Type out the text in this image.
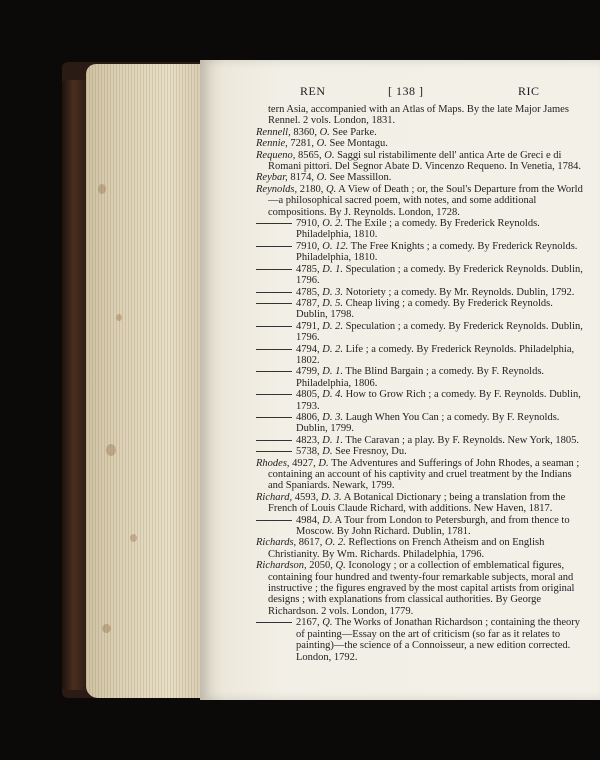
REN	[ 138 ]	RIC

tern Asia, accompanied with an Atlas of Maps. By the late Major James Rennel. 2 vols. London, 1831.

Rennell, 8360, O. See Parke.

Rennie, 7281, O. See Montagu.

Requeno, 8565, O. Saggi sul ristabilimente dell' antica Arte de Greci e di Romani pittori. Del Segnor Abate D. Vincenzo Requeno. In Venetia, 1784.

Reybar, 8174, O. See Massillon.

Reynolds, 2180, Q. A View of Death ; or, the Soul's Departure from the World—a philosophical sacred poem, with notes, and some additional compositions. By J. Reynolds. London, 1728.

7910, O. 2. The Exile ; a comedy. By Frederick Reynolds. Philadelphia, 1810.

7910, O. 12. The Free Knights ; a comedy. By Frederick Reynolds. Philadelphia, 1810.

4785, D. 1. Speculation ; a comedy. By Frederick Reynolds. Dublin, 1796.

4785, D. 3. Notoriety ; a comedy. By Mr. Reynolds. Dublin, 1792.

4787, D. 5. Cheap living ; a comedy. By Frederick Reynolds. Dublin, 1798.

4791, D. 2. Speculation ; a comedy. By Frederick Reynolds. Dublin, 1796.

4794, D. 2. Life ; a comedy. By Frederick Reynolds. Philadelphia, 1802.

4799, D. 1. The Blind Bargain ; a comedy. By F. Reynolds. Philadelphia, 1806.

4805, D. 4. How to Grow Rich ; a comedy. By F. Reynolds. Dublin, 1793.

4806, D. 3. Laugh When You Can ; a comedy. By F. Reynolds. Dublin, 1799.

4823, D. 1. The Caravan ; a play. By F. Reynolds. New York, 1805.

5738, D. See Fresnoy, Du.

Rhodes, 4927, D. The Adventures and Sufferings of John Rhodes, a seaman ; containing an account of his captivity and cruel treatment by the Indians and Spaniards. Newark, 1799.

Richard, 4593, D. 3. A Botanical Dictionary ; being a translation from the French of Louis Claude Richard, with additions. New Haven, 1817.

4984, D. A Tour from London to Petersburgh, and from thence to Moscow. By John Richard. Dublin, 1781.

Richards, 8617, O. 2. Reflections on French Atheism and on English Christianity. By Wm. Richards. Philadelphia, 1796.

Richardson, 2050, Q. Iconology ; or a collection of emblematical figures, containing four hundred and twenty-four remarkable subjects, moral and instructive ; the figures engraved by the most capital artists from original designs ; with explanations from classical authorities. By George Richardson. 2 vols. London, 1779.

2167, Q. The Works of Jonathan Richardson ; containing the theory of painting—Essay on the art of criticism (so far as it relates to painting)—the science of a Connoisseur, a new edition corrected. London, 1792.
